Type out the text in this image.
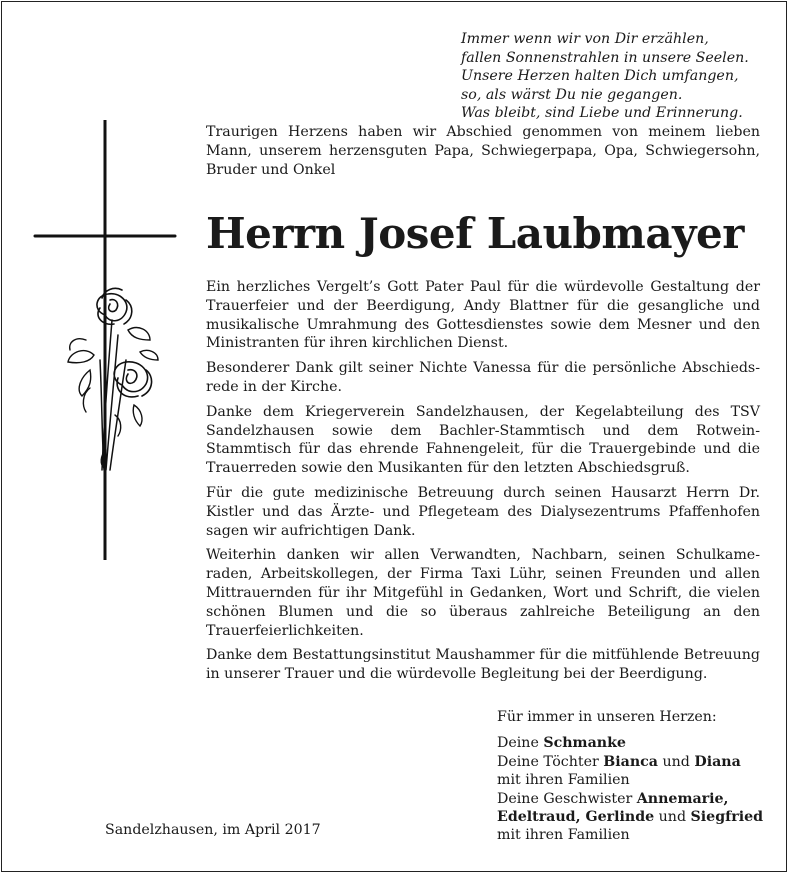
Immer wenn wir von Dir erzählen,
fallen Sonnenstrahlen in unsere Seelen.
Unsere Herzen halten Dich umfangen,
so, als wärst Du nie gegangen.
Was bleibt, sind Liebe und Erinnerung.

Traurigen Herzens haben wir Abschied genommen von meinem lieben Mann, unserem herzensguten Papa, Schwiegerpapa, Opa, Schwiegersohn, Bruder und Onkel

Herrn Josef Laubmayer

Ein herzliches Vergelt’s Gott Pater Paul für die würdevolle Gestaltung der Trauerfeier und der Beerdigung, Andy Blattner für die gesangliche und musikalische Umrahmung des Gottesdienstes sowie dem Mesner und den Ministranten für ihren kirchlichen Dienst.

Besonderer Dank gilt seiner Nichte Vanessa für die persönliche Abschieds-rede in der Kirche.

Danke dem Kriegerverein Sandelzhausen, der Kegelabteilung des TSV Sandelzhausen sowie dem Bachler-Stammtisch und dem Rotwein-Stammtisch für das ehrende Fahnengeleit, für die Trauergebinde und die Trauerreden sowie den Musikanten für den letzten Abschiedsgruß.

Für die gute medizinische Betreuung durch seinen Hausarzt Herrn Dr. Kistler und das Ärzte- und Pflegeteam des Dialysezentrums Pfaffenhofen sagen wir aufrichtigen Dank.

Weiterhin danken wir allen Verwandten, Nachbarn, seinen Schulkame-raden, Arbeitskollegen, der Firma Taxi Lühr, seinen Freunden und allen Mittrauernden für ihr Mitgefühl in Gedanken, Wort und Schrift, die vielen schönen Blumen und die so überaus zahlreiche Beteiligung an den Trauerfeierlichkeiten.

Danke dem Bestattungsinstitut Maushammer für die mitfühlende Betreuung in unserer Trauer und die würdevolle Begleitung bei der Beerdigung.

Für immer in unseren Herzen:
Deine Schmanke
Deine Töchter Bianca und Diana
mit ihren Familien
Deine Geschwister Annemarie,
Edeltraud, Gerlinde und Siegfried
mit ihren Familien
Sandelzhausen, im April 2017
